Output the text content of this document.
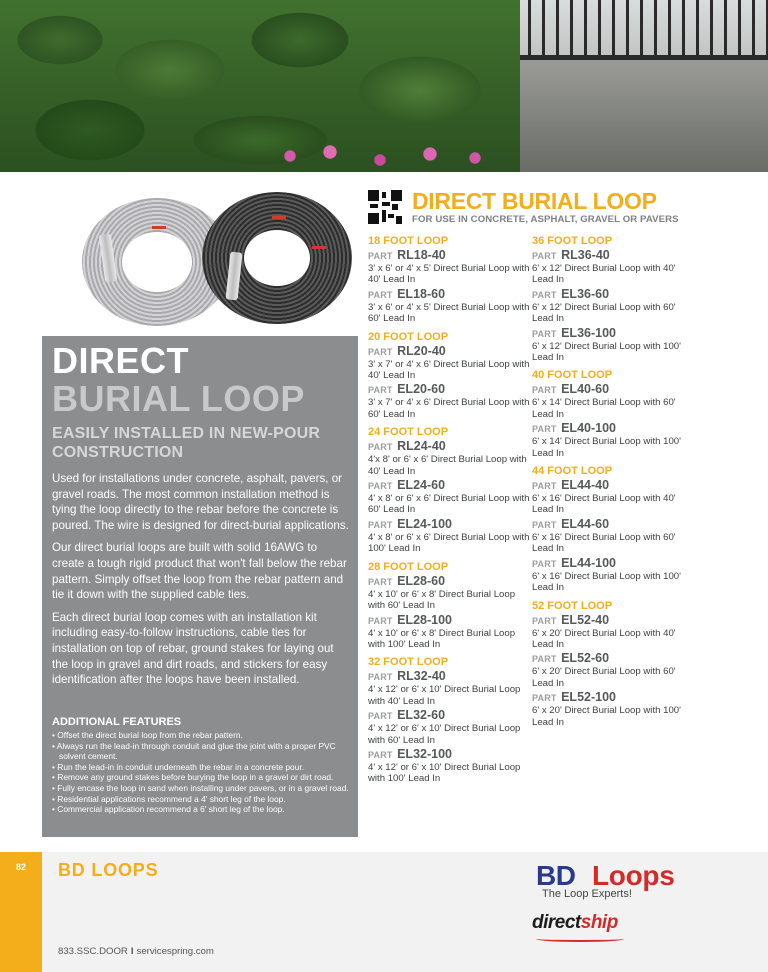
DIRECT
BURIAL LOOP
EASILY INSTALLED IN NEW-POUR CONSTRUCTION

Used for installations under concrete, asphalt, pavers, or gravel roads. The most common installation method is tying the loop directly to the rebar before the concrete is poured. The wire is designed for direct-burial applications.

Our direct burial loops are built with solid 16AWG to create a tough rigid product that won't fall below the rebar pattern. Simply offset the loop from the rebar pattern and tie it down with the supplied cable ties.

Each direct burial loop comes with an installation kit including easy-to-follow instructions, cable ties for installation on top of rebar, ground stakes for laying out the loop in gravel and dirt roads, and stickers for easy identification after the loops have been installed.

ADDITIONAL FEATURES
• Offset the direct burial loop from the rebar pattern.
• Always run the lead-in through conduit and glue the joint with a proper PVC solvent cement.
• Run the lead-in in conduit underneath the rebar in a concrete pour.
• Remove any ground stakes before burying the loop in a gravel or dirt road.
• Fully encase the loop in sand when installing under pavers, or in a gravel road.
• Residential applications recommend a 4' short leg of the loop.
• Commercial application recommend a 6' short leg of the loop.
DIRECT BURIAL LOOP
FOR USE IN CONCRETE, ASPHALT, GRAVEL OR PAVERS
18 FOOT LOOP
PART RL18-40
3' x 6' or 4' x 5' Direct Burial Loop with 40' Lead In
PART EL18-60
3' x 6' or 4' x 5' Direct Burial Loop with 60' Lead In
20 FOOT LOOP
PART RL20-40
3' x 7' or 4' x 6' Direct Burial Loop with 40' Lead In
PART EL20-60
3' x 7' or 4' x 6' Direct Burial Loop with 60' Lead In
24 FOOT LOOP
PART RL24-40
4'x 8' or 6' x 6' Direct Burial Loop with 40' Lead In
PART EL24-60
4' x 8' or 6' x 6' Direct Burial Loop with 60' Lead In
PART EL24-100
4' x 8' or 6' x 6' Direct Burial Loop with 100' Lead In
28 FOOT LOOP
PART EL28-60
4' x 10' or 6' x 8' Direct Burial Loop with 60' Lead In
PART EL28-100
4' x 10' or 6' x 8' Direct Burial Loop with 100' Lead In
32 FOOT LOOP
PART RL32-40
4' x 12' or 6' x 10' Direct Burial Loop with 40' Lead In
PART EL32-60
4' x 12' or 6' x 10' Direct Burial Loop with 60' Lead In
PART EL32-100
4' x 12' or 6' x 10' Direct Burial Loop with 100' Lead In
36 FOOT LOOP
PART RL36-40
6' x 12' Direct Burial Loop with 40' Lead In
PART EL36-60
6' x 12' Direct Burial Loop with 60' Lead In
PART EL36-100
6' x 12' Direct Burial Loop with 100' Lead In
40 FOOT LOOP
PART EL40-60
6' x 14' Direct Burial Loop with 60' Lead In
PART EL40-100
6' x 14' Direct Burial Loop with 100' Lead In
44 FOOT LOOP
PART EL44-40
6' x 16' Direct Burial Loop with 40' Lead In
PART EL44-60
6' x 16' Direct Burial Loop with 60' Lead In
PART EL44-100
6' x 16' Direct Burial Loop with 100' Lead In
52 FOOT LOOP
PART EL52-40
6' x 20' Direct Burial Loop with 40' Lead In
PART EL52-60
6' x 20' Direct Burial Loop with 60' Lead In
PART EL52-100
6' x 20' Direct Burial Loop with 100' Lead In
82	BD LOOPS
833.SSC.DOOR I servicespring.com
BD Loops
The Loop Experts!
directship
